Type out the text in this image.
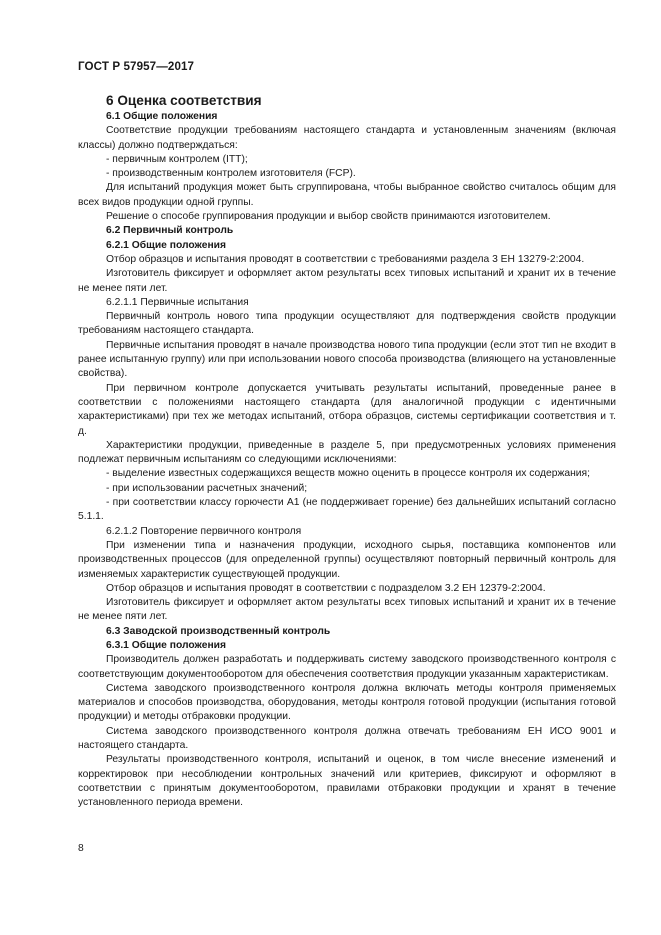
ГОСТ Р 57957—2017

6 Оценка соответствия

6.1 Общие положения

Соответствие продукции требованиям настоящего стандарта и установленным значениям (включая классы) должно подтверждаться:

- первичным контролем (ITT);

- производственным контролем изготовителя (FCP).

Для испытаний продукция может быть сгруппирована, чтобы выбранное свойство считалось общим для всех видов продукции одной группы.

Решение о способе группирования продукции и выбор свойств принимаются изготовителем.

6.2 Первичный контроль

6.2.1 Общие положения

Отбор образцов и испытания проводят в соответствии с требованиями раздела 3 ЕН 13279-2:2004.

Изготовитель фиксирует и оформляет актом результаты всех типовых испытаний и хранит их в течение не менее пяти лет.

6.2.1.1 Первичные испытания

Первичный контроль нового типа продукции осуществляют для подтверждения свойств продукции требованиям настоящего стандарта.

Первичные испытания проводят в начале производства нового типа продукции (если этот тип не входит в ранее испытанную группу) или при использовании нового способа производства (влияющего на установленные свойства).

При первичном контроле допускается учитывать результаты испытаний, проведенные ранее в соответствии с положениями настоящего стандарта (для аналогичной продукции с идентичными характеристиками) при тех же методах испытаний, отбора образцов, системы сертификации соответствия и т. д.

Характеристики продукции, приведенные в разделе 5, при предусмотренных условиях применения подлежат первичным испытаниям со следующими исключениями:

- выделение известных содержащихся веществ можно оценить в процессе контроля их содержания;

- при использовании расчетных значений;

- при соответствии классу горючести А1 (не поддерживает горение) без дальнейших испытаний согласно 5.1.1.

6.2.1.2 Повторение первичного контроля

При изменении типа и назначения продукции, исходного сырья, поставщика компонентов или производственных процессов (для определенной группы) осуществляют повторный первичный контроль для изменяемых характеристик существующей продукции.

Отбор образцов и испытания проводят в соответствии с подразделом 3.2 ЕН 12379-2:2004.

Изготовитель фиксирует и оформляет актом результаты всех типовых испытаний и хранит их в течение не менее пяти лет.

6.3 Заводской производственный контроль

6.3.1 Общие положения

Производитель должен разработать и поддерживать систему заводского производственного контроля с соответствующим документооборотом для обеспечения соответствия продукции указанным характеристикам.

Система заводского производственного контроля должна включать методы контроля применяемых материалов и способов производства, оборудования, методы контроля готовой продукции (испытания готовой продукции) и методы отбраковки продукции.

Система заводского производственного контроля должна отвечать требованиям ЕН ИСО 9001 и настоящего стандарта.

Результаты производственного контроля, испытаний и оценок, в том числе внесение изменений и корректировок при несоблюдении контрольных значений или критериев, фиксируют и оформляют в соответствии с принятым документооборотом, правилами отбраковки продукции и хранят в течение установленного периода времени.

8
